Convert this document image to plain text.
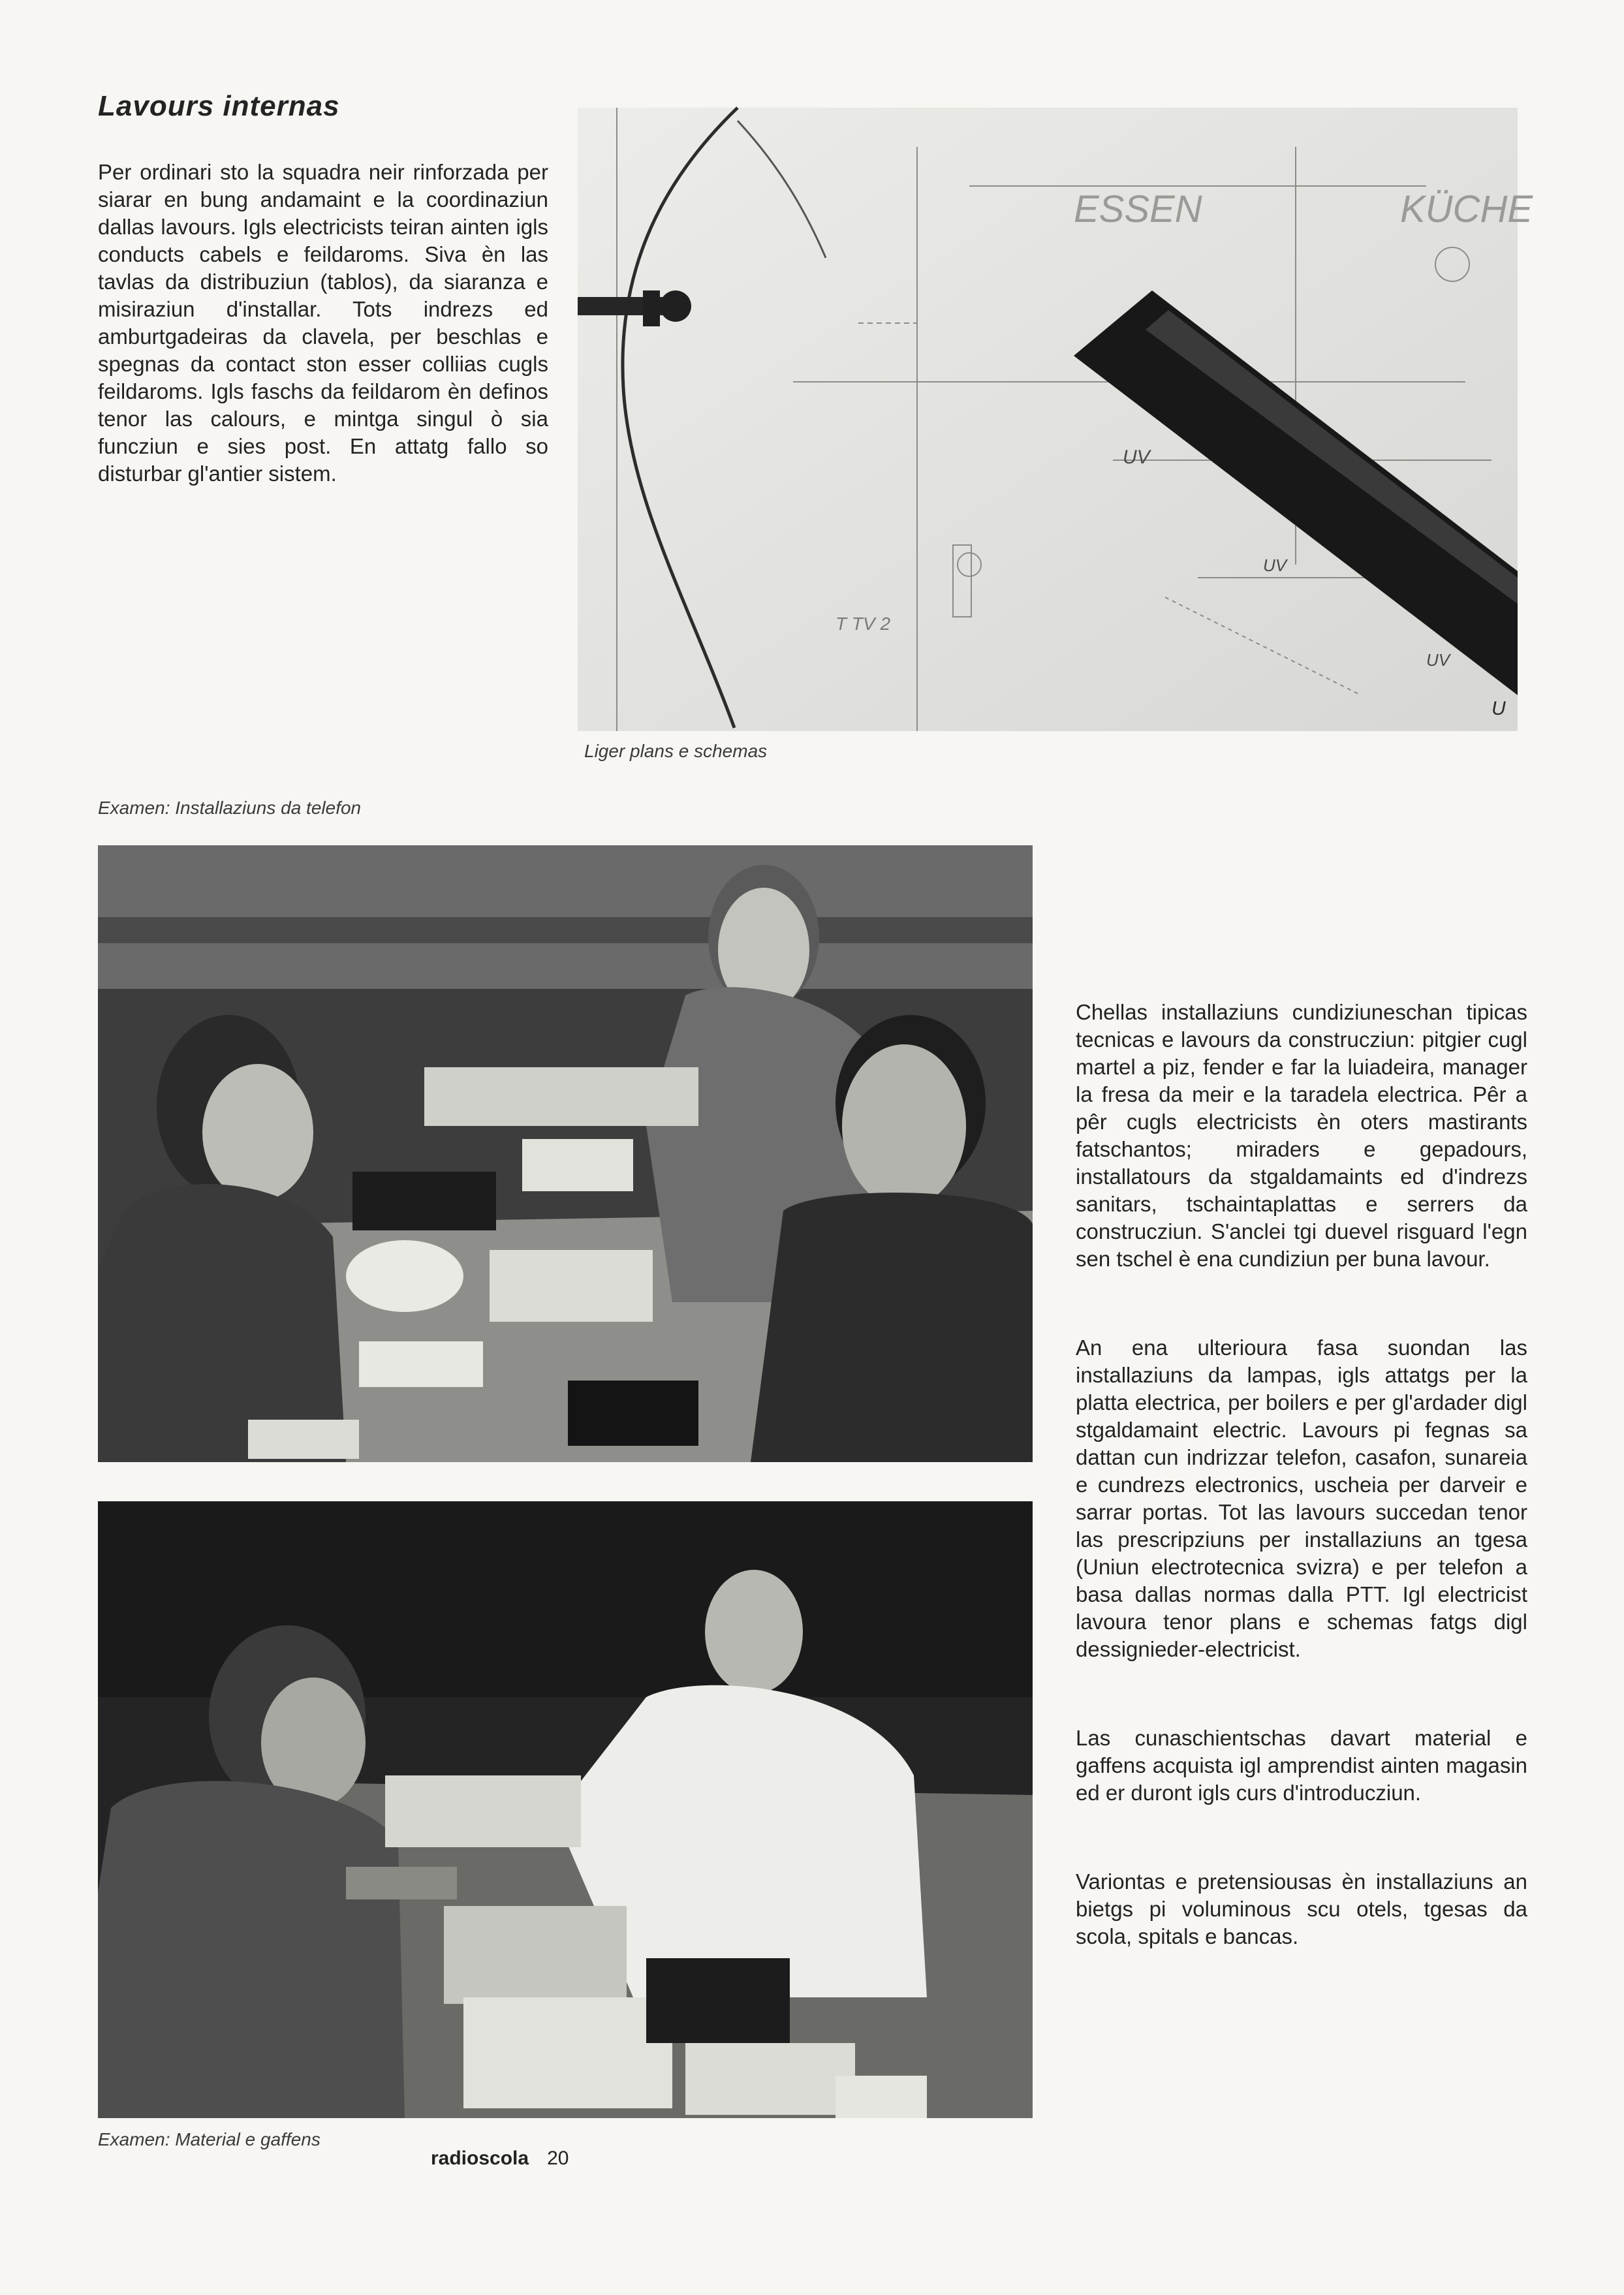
Lavours internas

Per ordinari sto la squadra neir rinforzada per siarar en bung andamaint e la coordinaziun dallas lavours. Igls electricists teiran ainten igls conducts cabels e feildaroms. Siva èn las tavlas da distribuziun (tablos), da siaranza e misiraziun d'installar. Tots indrezs ed amburtgadeiras da clavela, per beschlas e spegnas da contact ston esser colliias cugls feildaroms. Igls faschs da feildarom èn definos tenor las calours, e mintga singul ò sia funcziun e sies post. En attatg fallo so disturbar gl'antier sistem.

ESSEN	KÜCHE
UV
UV
UV
U
T TV 2

Liger plans e schemas

Examen: Installaziuns da telefon

Examen: Material e gaffens

Chellas installaziuns cundiziuneschan tipicas tecnicas e lavours da construcziun: pitgier cugl martel a piz, fender e far la luiadeira, manager la fresa da meir e la taradela electrica. Pêr a pêr cugls electricists èn oters mastirants fatschantos; miraders e gepadours, installatours da stgaldamaints ed d'indrezs sanitars, tschaintaplattas e serrers da construcziun. S'anclei tgi duevel risguard l'egn sen tschel è ena cundiziun per buna lavour.

An ena ulterioura fasa suondan las installaziuns da lampas, igls attatgs per la platta electrica, per boilers e per gl'ardader digl stgaldamaint electric. Lavours pi fegnas sa dattan cun indrizzar telefon, casafon, sunareia e cundrezs electronics, uscheia per darveir e sarrar portas. Tot las lavours succedan tenor las prescripziuns per installaziuns an tgesa (Uniun electrotecnica svizra) e per telefon a basa dallas normas dalla PTT. Igl electricist lavoura tenor plans e schemas fatgs digl dessignieder-electricist.

Las cunaschientschas davart material e gaffens acquista igl amprendist ainten magasin ed er duront igls curs d'introducziun.

Variontas e pretensiousas èn installaziuns an bietgs pi voluminous scu otels, tgesas da scola, spitals e bancas.

radioscola 20
